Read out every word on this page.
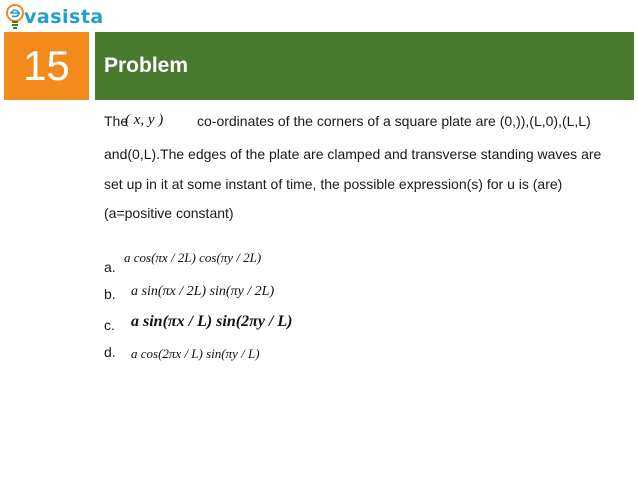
vasista
15 Problem
The
( x, y ) co-ordinates of the corners of a square plate are (0,)),(L,0),(L,L)
and(0,L).The edges of the plate are clamped and transverse standing waves are
set up in it at some instant of time, the possible expression(s) for u is (are)
(a=positive constant)
a.
a cos(πx / 2L) cos(πy / 2L)
b. a sin(πx / 2L) sin(πy / 2L)
c. a sin(πx / L) sin(2πy / L)
d. a cos(2πx / L) sin(πy / L)
